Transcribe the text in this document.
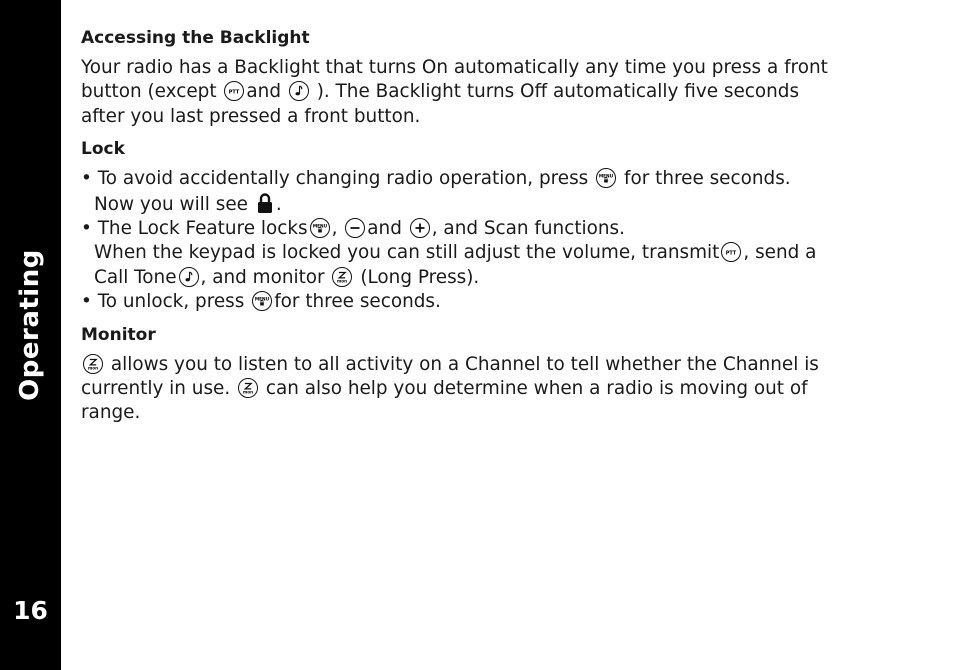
Operating
16
Accessing the Backlight

Your radio has a Backlight that turns On automatically any time you press a front
button (except PTT and
). The Backlight turns Off automatically five seconds
after you last pressed a front button.

Lock
• To avoid accidentally changing radio operation, press MENU for three seconds.
Now you will see .
• The Lock Feature locks MENU ,
and
, and Scan functions.
When the keypad is locked you can still adjust the volume, transmit PTT , send a
Call Tone , and monitor mon (Long Press).
• To unlock, press MENU for three seconds.
Monitor

mon allows you to listen to all activity on a Channel to tell whether the Channel is
currently in use. mon can also help you determine when a radio is moving out of
range.
